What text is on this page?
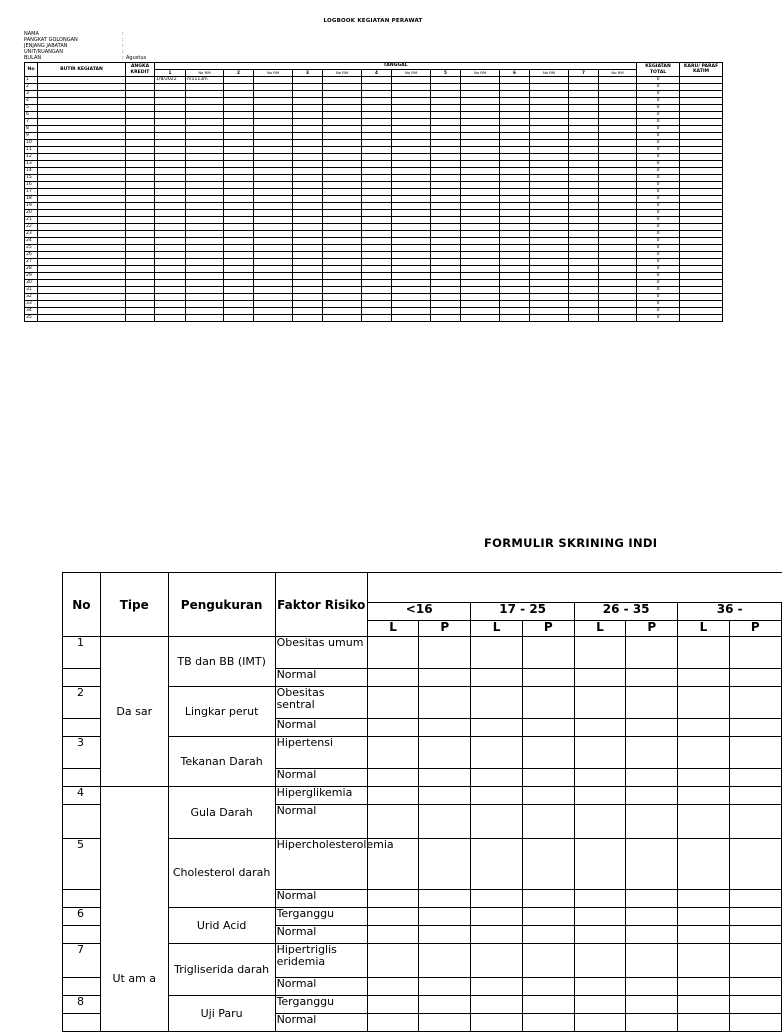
LOGBOOK KEGIATAN PERAWAT
NAMA	:
PANGKAT GOLONGAN	:
JENJANG JABATAN	:
UNIT/RUANGAN	:
BULAN	: Agustus
No	BUTIR KEGIATAN	ANGKA KREDIT	TANGGAL														KEGIATAN TOTAL	KARU/ PARAF KATIM
			1	No RM	2	No RM	3	No RM	4	No RM	5	No RM	6	No RM	7	No RM		
1			1/8/2022	m1113m													0	
2																	0	
3																	0	
4																	0	
5																	0	
6																	0	
7																	0	
8																	0	
9																	0	
10																	0	
11																	0	
12																	0	
13																	0	
14																	0	
15																	0	
16																	0	
17																	0	
18																	0	
19																	0	
20																	0	
21																	0	
22																	0	
23																	0	
24																	0	
25																	0	
26																	0	
27																	0	
28																	0	
29																	0	
30																	0	
31																	0	
32																	0	
33																	0	
34																	0	
35																	0	
FORMULIR SKRINING INDI
No	Tipe	Pengukuran	Faktor Risiko								
				<16		17 - 25		26 - 35		36 -	
				L	P	L	P	L	P	L	P
1	Da sar	TB dan BB (IMT)	Obesitas umum								
			Normal								
2		Lingkar perut	Obesitas sentral								
			Normal								
3		Tekanan Darah	Hipertensi								
			Normal								
4	Ut am a	Gula Darah	Hiperglikemia								
			Normal								
5		Cholesterol darah	Hipercholesterolemia								
			Normal								
6		Urid Acid	Terganggu								
			Normal								
7		Trigliserida darah	Hipertriglis eridemia								
			Normal								
8		Uji Paru	Terganggu								
			Normal								
